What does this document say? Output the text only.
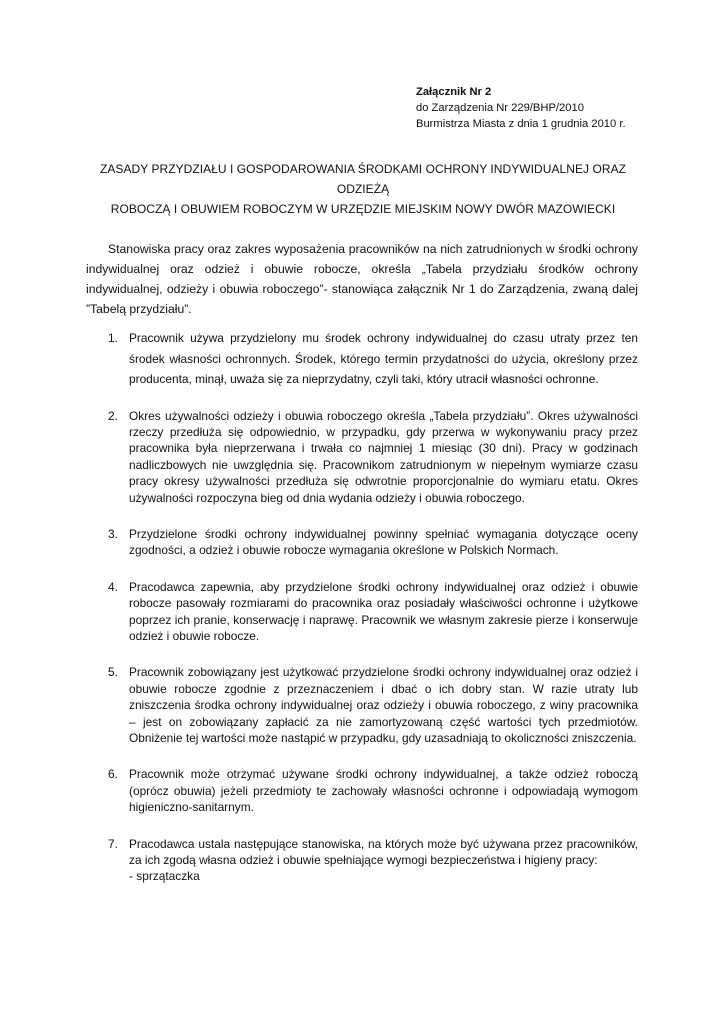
Załącznik Nr 2
do Zarządzenia Nr 229/BHP/2010
Burmistrza Miasta z dnia 1 grudnia 2010 r.
ZASADY PRZYDZIAŁU I GOSPODAROWANIA ŚRODKAMI OCHRONY INDYWIDUALNEJ ORAZ ODZIEŻĄ
ROBOCZĄ I OBUWIEM ROBOCZYM W URZĘDZIE MIEJSKIM NOWY DWÓR MAZOWIECKI
Stanowiska pracy oraz zakres wyposażenia pracowników na nich zatrudnionych w środki ochrony indywidualnej oraz odzież i obuwie robocze, określa „Tabela przydziału środków ochrony indywidualnej, odzieży i obuwia roboczego”- stanowiąca załącznik Nr 1 do Zarządzenia, zwaną dalej ”Tabelą przydziału”.
1. Pracownik używa przydzielony mu środek ochrony indywidualnej do czasu utraty przez ten środek własności ochronnych. Środek, którego termin przydatności do użycia, określony przez producenta, minął, uważa się za nieprzydatny, czyli taki, który utracił własności ochronne.
2. Okres używalności odzieży i obuwia roboczego określa „Tabela przydziału”. Okres używalności rzeczy przedłuża się odpowiednio, w przypadku, gdy przerwa w wykonywaniu pracy przez pracownika była nieprzerwana i trwała co najmniej 1 miesiąc (30 dni). Pracy w godzinach nadliczbowych nie uwzględnia się. Pracownikom zatrudnionym w niepełnym wymiarze czasu pracy okresy używalności przedłuża się odwrotnie proporcjonalnie do wymiaru etatu. Okres używalności rozpoczyna bieg od dnia wydania odzieży i obuwia roboczego.
3. Przydzielone środki ochrony indywidualnej powinny spełniać wymagania dotyczące oceny zgodności, a odzież i obuwie robocze wymagania określone w Polskich Normach.
4. Pracodawca zapewnia, aby przydzielone środki ochrony indywidualnej oraz odzież i obuwie robocze pasowały rozmiarami do pracownika oraz posiadały właściwości ochronne i użytkowe poprzez ich pranie, konserwację i naprawę. Pracownik we własnym zakresie pierze i konserwuje odzież i obuwie robocze.
5. Pracownik zobowiązany jest użytkować przydzielone środki ochrony indywidualnej oraz odzież i obuwie robocze zgodnie z przeznaczeniem i dbać o ich dobry stan. W razie utraty lub zniszczenia środka ochrony indywidualnej oraz odzieży i obuwia roboczego, z winy pracownika – jest on zobowiązany zapłacić za nie zamortyzowaną część wartości tych przedmiotów. Obniżenie tej wartości może nastąpić w przypadku, gdy uzasadniają to okoliczności zniszczenia.
6. Pracownik może otrzymać używane środki ochrony indywidualnej, a także odzież roboczą (oprócz obuwia) jeżeli przedmioty te zachowały własności ochronne i odpowiadają wymogom higieniczno-sanitarnym.
7. Pracodawca ustala następujące stanowiska, na których może być używana przez pracowników, za ich zgodą własna odzież i obuwie spełniające wymogi bezpieczeństwa i higieny pracy:
- sprzątaczka
